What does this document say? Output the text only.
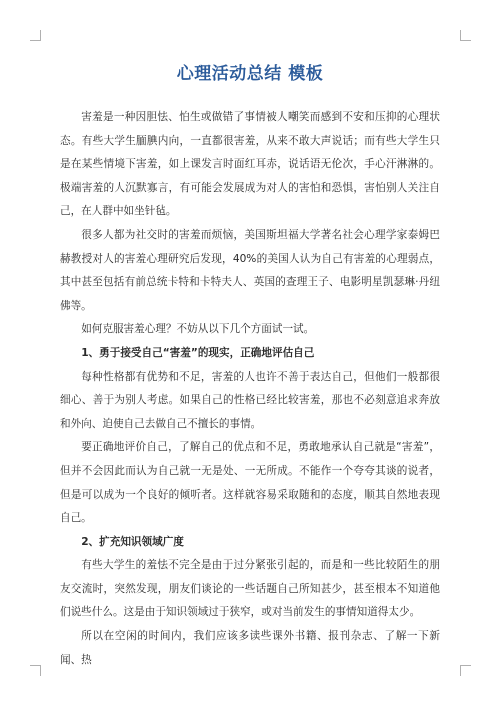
心理活动总结 模板

害羞是一种因胆怯、怕生或做错了事情被人嘲笑而感到不安和压抑的心理状态。有些大学生腼腆内向，一直都很害羞，从来不敢大声说话；而有些大学生只是在某些情境下害羞，如上课发言时面红耳赤，说话语无伦次，手心汗淋淋的。极端害羞的人沉默寡言，有可能会发展成为对人的害怕和恐惧，害怕别人关注自己，在人群中如坐针毡。

很多人都为社交时的害羞而烦恼，美国斯坦福大学著名社会心理学家泰姆巴赫教授对人的害羞心理研究后发现，40%的美国人认为自己有害羞的心理弱点，其中甚至包括有前总统卡特和卡特夫人、英国的查理王子、电影明星凯瑟琳·丹纽佛等。

如何克服害羞心理？不妨从以下几个方面试一试。

1、勇于接受自己“害羞”的现实，正确地评估自己

每种性格都有优势和不足，害羞的人也许不善于表达自己，但他们一般都很细心、善于为别人考虑。如果自己的性格已经比较害羞，那也不必刻意追求奔放和外向、迫使自己去做自己不擅长的事情。

要正确地评价自己，了解自己的优点和不足，勇敢地承认自己就是“害羞”，但并不会因此而认为自己就一无是处、一无所成。不能作一个夸夸其谈的说者，但是可以成为一个良好的倾听者。这样就容易采取随和的态度，顺其自然地表现自己。

2、扩充知识领域广度

有些大学生的羞怯不完全是由于过分紧张引起的，而是和一些比较陌生的朋友交流时，突然发现，朋友们谈论的一些话题自己所知甚少，甚至根本不知道他们说些什么。这是由于知识领域过于狭窄，或对当前发生的事情知道得太少。

所以在空闲的时间内，我们应该多读些课外书籍、报刊杂志、了解一下新闻、热
